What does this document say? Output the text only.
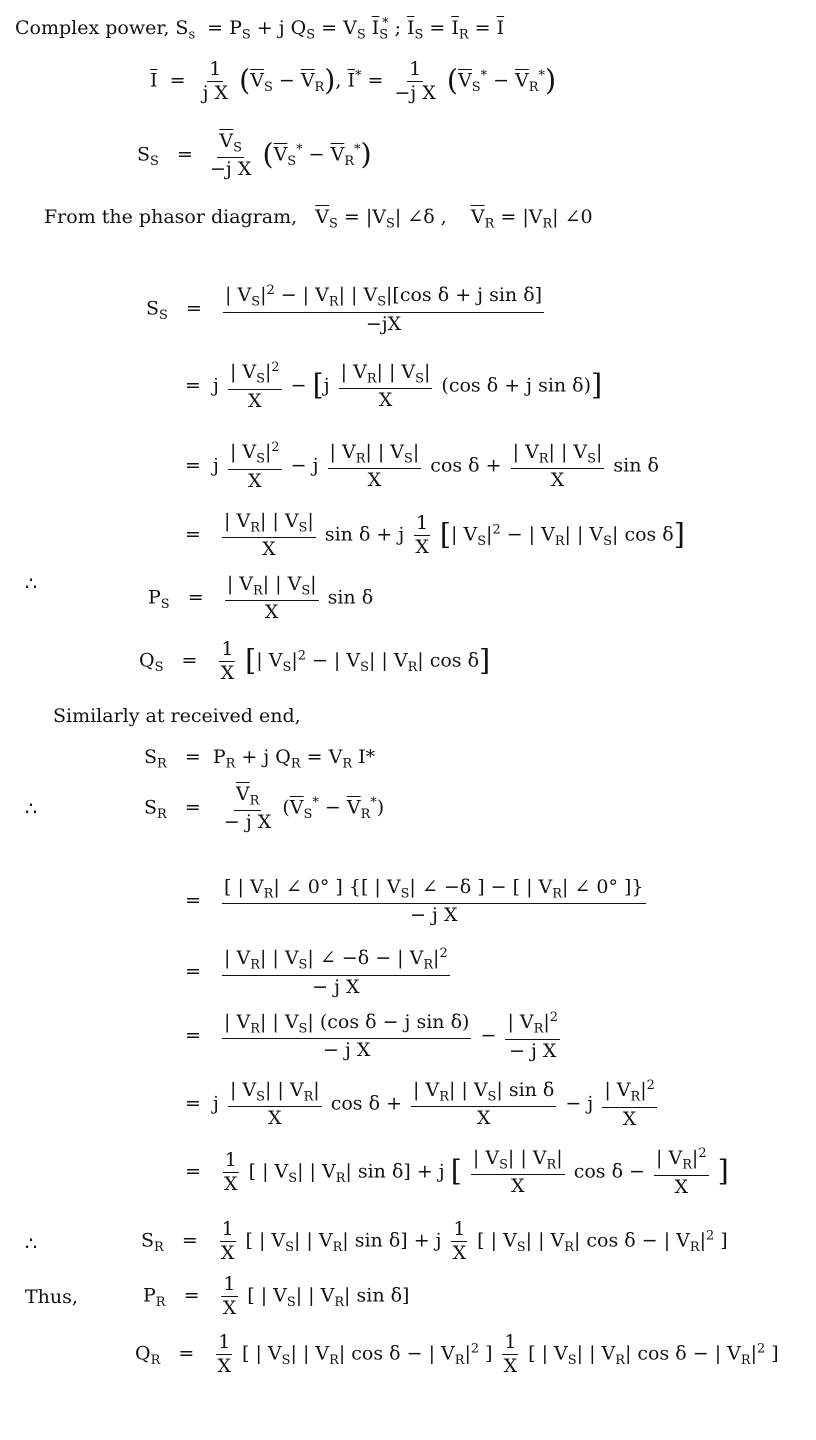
Complex power, $S_s = P_S + j$ $Q_S = V_S$ $\overline{I}_S^*$ ; $\overline{I}_S = \overline{I}_R = \overline{I}$
$\overline{I} = \frac{1}{\text{j X}} (\overline{V}_S - \overline{V}_R)$, $\overline{I}^* = \frac{1}{\text{−j X}} (\overline{V}_S^* - \overline{V}_R^*)$
$S_S = \frac{\overline{V}_S}{\text{−j X}} (\overline{V}_S^* - \overline{V}_R^*)$
From the phasor diagram, $\overline{V}_S = |V_S|$ ∠δ ,    $\overline{V}_R = |V_R|$ ∠0
$S_S = \frac{| V_S|^2 - | V_R| | V_S|[\cos \delta + j \sin \delta]}{-jX}$
=  j $\frac{| V_S|^2}{X} - [j \frac{| V_R| | V_S|}{X} (\cos$ δ + j sin δ)]
=  j $\frac{| V_S|^2}{X} - j \frac{| V_R| | V_S|}{X}$ $\cos \delta + \frac{| V_R| | V_S|}{X}$ sin δ
= $\frac{| V_R| | V_S|}{X}$ sin δ + j $\frac{1}{X}$ [| $V_S|^2$ − | $V_R|$ | $V_S|$ cos δ]
∴
$P_S = \frac{| V_R| | V_S|}{X}$ sin δ
$Q_S = \frac{1}{X}$ [| $V_S|^2$ − | $V_S|$ | $V_R|$ cos δ]
Similarly at received end,
$S_R = P_R + j$ $Q_R = V_R$ I*
∴	$S_R = \frac{\overline{V}_R}{\text{− j X}} (\overline{V}_S^* - \overline{V}_R^*)$
= $\frac{[ | V_R| \angle 0^\circ ] \{[ | V_S| \angle -\delta ] - [ | V_R| \angle 0^\circ ]\}}{\text{− j X}}$
= $\frac{| V_R| | V_S| \angle -\delta - | V_R|^2}{\text{− j X}}$
= $\frac{| V_R| | V_S| (\cos \delta - j \sin \delta)}{\text{− j X}} - \frac{| V_R|^2}{\text{− j X}}$
=  j $\frac{| V_S| | V_R|}{X}$ $\cos \delta + \frac{| V_R| | V_S| \sin \delta}{X} - j \frac{| V_R|^2}{X}$
= $\frac{1}{X}$ [ | $V_S|$ | $V_R|$ sin δ] + j [ $\frac{| V_S| | V_R|}{X}$ $\cos \delta - \frac{| V_R|^2}{X}$ ]
∴	$S_R = \frac{1}{X}$ [ | $V_S|$ | $V_R|$ sin δ] + j $\frac{1}{X}$ [ | $V_S|$ | $V_R|$ cos δ − | $V_R|^2$ ]
Thus,	$P_R = \frac{1}{X}$ [ | $V_S|$ | $V_R|$ sin δ]
$Q_R = \frac{1}{X}$ [ | $V_S|$ | $V_R|$ cos δ − | $V_R|^2$ ] $\frac{1}{X}$ [ | $V_S|$ | $V_R|$ cos δ − | $V_R|^2$ ]
